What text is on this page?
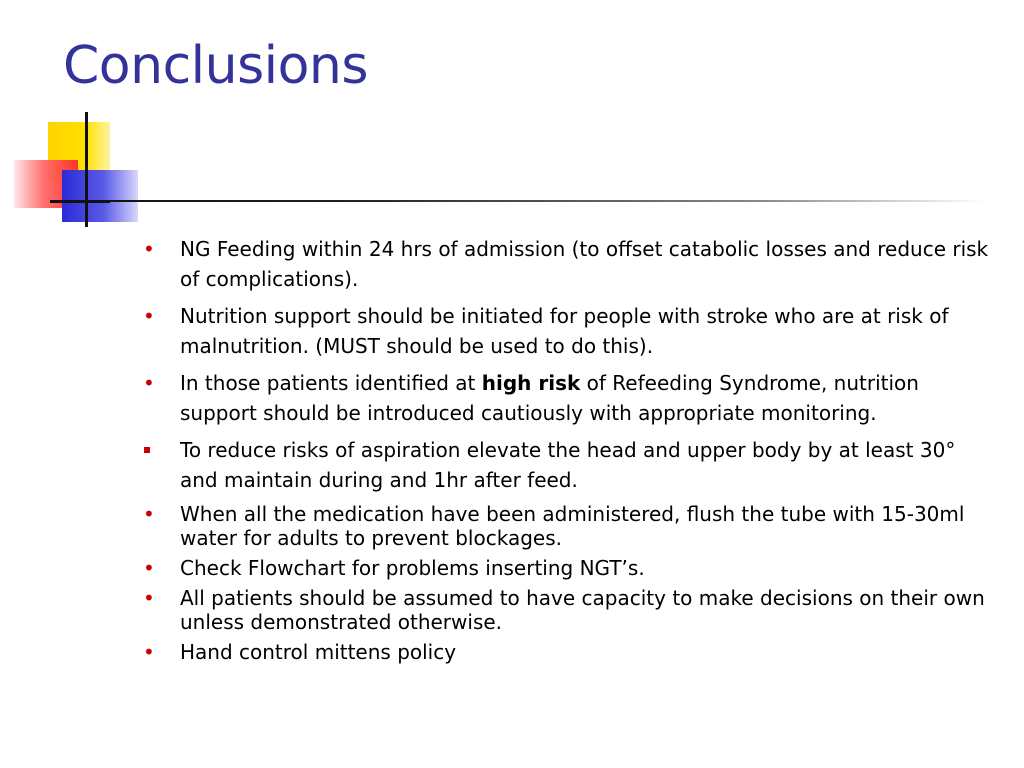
Conclusions
• NG Feeding within 24 hrs of admission (to offset catabolic losses and reduce risk of complications).
• Nutrition support should be initiated for people with stroke who are at risk of malnutrition. (MUST should be used to do this).
• In those patients identified at high risk of Refeeding Syndrome, nutrition support should be introduced cautiously with appropriate monitoring.
To reduce risks of aspiration elevate the head and upper body by at least 30° and maintain during and 1hr after feed.
• When all the medication have been administered, flush the tube with 15-30ml water for adults to prevent blockages.
• Check Flowchart for problems inserting NGT’s.
• All patients should be assumed to have capacity to make decisions on their own unless demonstrated otherwise.
• Hand control mittens policy
